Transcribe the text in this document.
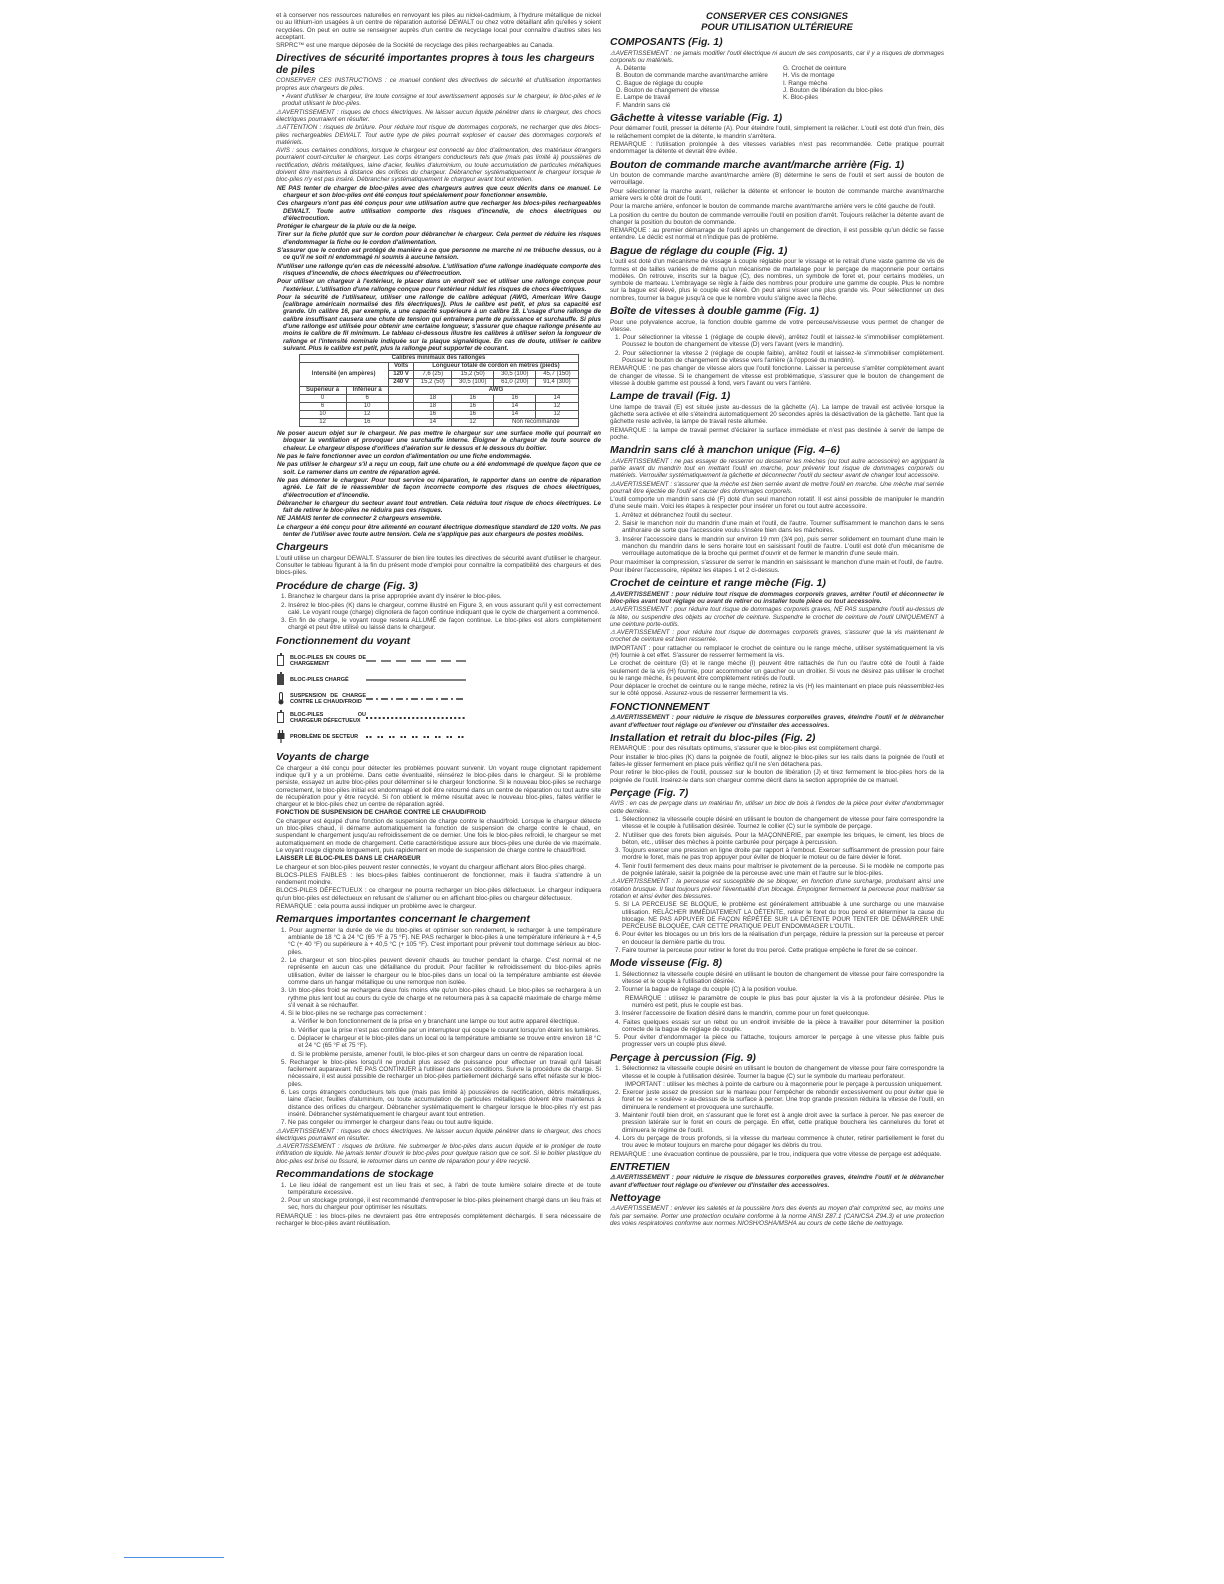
et à conserver nos ressources naturelles en renvoyant les piles au nickel-cadmium, à l'hydrure métallique de nickel ou au lithium-ion usagées à un centre de réparation autorisé DEWALT ou chez votre détaillant afin qu'elles y soient recyclées. On peut en outre se renseigner auprès d'un centre de recyclage local pour connaître d'autres sites les acceptant.

SRPRC™ est une marque déposée de la Société de recyclage des piles rechargeables au Canada.

Directives de sécurité importantes propres à tous les chargeurs de piles

CONSERVER CES INSTRUCTIONS : ce manuel contient des directives de sécurité et d'utilisation importantes propres aux chargeurs de piles.

• Avant d'utiliser le chargeur, lire toute consigne et tout avertissement apposés sur le chargeur, le bloc-piles et le produit utilisant le bloc-piles.

⚠AVERTISSEMENT : risques de chocs électriques. Ne laisser aucun liquide pénétrer dans le chargeur, des chocs électriques pourraient en résulter.

⚠ATTENTION : risques de brûlure. Pour réduire tout risque de dommages corporels, ne recharger que des blocs-piles rechargeables DEWALT. Tout autre type de piles pourrait exploser et causer des dommages corporels et matériels.

AVIS : sous certaines conditions, lorsque le chargeur est connecté au bloc d'alimentation, des matériaux étrangers pourraient court-circuiter le chargeur. Les corps étrangers conducteurs tels que (mais pas limité à) poussières de rectification, débris métalliques, laine d'acier, feuilles d'aluminium, ou toute accumulation de particules métalliques doivent être maintenus à distance des orifices du chargeur. Débrancher systématiquement le chargeur lorsque le bloc-piles n'y est pas inséré. Débrancher systématiquement le chargeur avant tout entretien.

NE PAS tenter de charger de bloc-piles avec des chargeurs autres que ceux décrits dans ce manuel. Le chargeur et son bloc-piles ont été conçus tout spécialement pour fonctionner ensemble.

Ces chargeurs n'ont pas été conçus pour une utilisation autre que recharger les blocs-piles rechargeables DEWALT. Toute autre utilisation comporte des risques d'incendie, de chocs électriques ou d'électrocution.

Protéger le chargeur de la pluie ou de la neige.

Tirer sur la fiche plutôt que sur le cordon pour débrancher le chargeur. Cela permet de réduire les risques d'endommager la fiche ou le cordon d'alimentation.

S'assurer que le cordon est protégé de manière à ce que personne ne marche ni ne trébuche dessus, ou à ce qu'il ne soit ni endommagé ni soumis à aucune tension.

N'utiliser une rallonge qu'en cas de nécessité absolue. L'utilisation d'une rallonge inadéquate comporte des risques d'incendie, de chocs électriques ou d'électrocution.

Pour utiliser un chargeur à l'extérieur, le placer dans un endroit sec et utiliser une rallonge conçue pour l'extérieur. L'utilisation d'une rallonge conçue pour l'extérieur réduit les risques de chocs électriques.

Pour la sécurité de l'utilisateur, utiliser une rallonge de calibre adéquat (AWG, American Wire Gauge [calibrage américain normalisé des fils électriques]). Plus le calibre est petit, et plus sa capacité est grande. Un calibre 16, par exemple, a une capacité supérieure à un calibre 18. L'usage d'une rallonge de calibre insuffisant causera une chute de tension qui entraînera perte de puissance et surchauffe. Si plus d'une rallonge est utilisée pour obtenir une certaine longueur, s'assurer que chaque rallonge présente au moins le calibre de fil minimum. Le tableau ci-dessous illustre les calibres à utiliser selon la longueur de rallonge et l'intensité nominale indiquée sur la plaque signalétique. En cas de doute, utiliser le calibre suivant. Plus le calibre est petit, plus la rallonge peut supporter de courant.

Calibres minimaux des rallonges						
Intensité (en ampères)		Volts	Longueur totale de cordon en mètres (pieds)			
		120 V	7,6 (25)	15,2 (50)	30,5 (100)	45,7 (150)
		240 V	15,2 (50)	30,5 (100)	61,0 (200)	91,4 (300)
Supérieur à	Inférieur à		AWG			
0	6		18	16	16	14
6	10		18	16	14	12
10	12		16	16	14	12
12	16		14	12	Non recommandé	

Ne poser aucun objet sur le chargeur. Ne pas mettre le chargeur sur une surface molle qui pourrait en bloquer la ventilation et provoquer une surchauffe interne. Éloigner le chargeur de toute source de chaleur. Le chargeur dispose d'orifices d'aération sur le dessus et le dessous du boîtier.

Ne pas le faire fonctionner avec un cordon d'alimentation ou une fiche endommagée.

Ne pas utiliser le chargeur s'il a reçu un coup, fait une chute ou a été endommagé de quelque façon que ce soit. Le ramener dans un centre de réparation agréé.

Ne pas démonter le chargeur. Pour tout service ou réparation, le rapporter dans un centre de réparation agréé. Le fait de le réassembler de façon incorrecte comporte des risques de chocs électriques, d'électrocution et d'incendie.

Débrancher le chargeur du secteur avant tout entretien. Cela réduira tout risque de chocs électriques. Le fait de retirer le bloc-piles ne réduira pas ces risques.

NE JAMAIS tenter de connecter 2 chargeurs ensemble.

Le chargeur a été conçu pour être alimenté en courant électrique domestique standard de 120 volts. Ne pas tenter de l'utiliser avec toute autre tension. Cela ne s'applique pas aux chargeurs de postes mobiles.

Chargeurs

L'outil utilise un chargeur DEWALT. S'assurer de bien lire toutes les directives de sécurité avant d'utiliser le chargeur. Consulter le tableau figurant à la fin du présent mode d'emploi pour connaître la compatibilité des chargeurs et des blocs-piles.

Procédure de charge (Fig. 3)

1. Branchez le chargeur dans la prise appropriée avant d'y insérer le bloc-piles.

2. Insérez le bloc-piles (K) dans le chargeur, comme illustré en Figure 3, en vous assurant qu'il y est correctement calé. Le voyant rouge (charge) clignotera de façon continue indiquant que le cycle de chargement a commencé.

3. En fin de charge, le voyant rouge restera ALLUMÉ de façon continue. Le bloc-piles est alors complètement chargé et peut être utilisé ou laissé dans le chargeur.

Fonctionnement du voyant
BLOC-PILES EN COURS DE CHARGEMENT
BLOC-PILES CHARGÉ
SUSPENSION DE CHARGE CONTRE LE CHAUD/FROID
BLOC-PILES OU CHARGEUR DÉFECTUEUX
PROBLÈME DE SECTEUR
Voyants de charge

Ce chargeur a été conçu pour détecter les problèmes pouvant survenir. Un voyant rouge clignotant rapidement indique qu'il y a un problème. Dans cette éventualité, réinsérez le bloc-piles dans le chargeur. Si le problème persiste, essayez un autre bloc-piles pour déterminer si le chargeur fonctionne. Si le nouveau bloc-piles se recharge correctement, le bloc-piles initial est endommagé et doit être retourné dans un centre de réparation ou tout autre site de récupération pour y être recyclé. Si l'on obtient le même résultat avec le nouveau bloc-piles, faites vérifier le chargeur et le bloc-piles chez un centre de réparation agréé.

FONCTION DE SUSPENSION DE CHARGE CONTRE LE CHAUD/FROID

Ce chargeur est équipé d'une fonction de suspension de charge contre le chaud/froid. Lorsque le chargeur détecte un bloc-piles chaud, il démarre automatiquement la fonction de suspension de charge contre le chaud, en suspendant le chargement jusqu'au refroidissement de ce dernier. Une fois le bloc-piles refroidi, le chargeur se met automatiquement en mode de chargement. Cette caractéristique assure aux blocs-piles une durée de vie maximale. Le voyant rouge clignote longuement, puis rapidement en mode de suspension de charge contre le chaud/froid.

LAISSER LE BLOC-PILES DANS LE CHARGEUR

Le chargeur et son bloc-piles peuvent rester connectés, le voyant du chargeur affichant alors Bloc-piles chargé.

BLOCS-PILES FAIBLES : les blocs-piles faibles continueront de fonctionner, mais il faudra s'attendre à un rendement moindre.

BLOCS-PILES DÉFECTUEUX : ce chargeur ne pourra recharger un bloc-piles défectueux. Le chargeur indiquera qu'un bloc-piles est défectueux en refusant de s'allumer ou en affichant bloc-piles ou chargeur défectueux.

REMARQUE : cela pourra aussi indiquer un problème avec le chargeur.

Remarques importantes concernant le chargement

1. Pour augmenter la durée de vie du bloc-piles et optimiser son rendement, le recharger à une température ambiante de 18 °C à 24 °C (65 °F à 75 °F). NE PAS recharger le bloc-piles à une température inférieure à + 4,5 °C (+ 40 °F) ou supérieure à + 40,5 °C (+ 105 °F). C'est important pour prévenir tout dommage sérieux au bloc-piles.

2. Le chargeur et son bloc-piles peuvent devenir chauds au toucher pendant la charge. C'est normal et ne représente en aucun cas une défaillance du produit. Pour faciliter le refroidissement du bloc-piles après utilisation, éviter de laisser le chargeur ou le bloc-piles dans un local où la température ambiante est élevée comme dans un hangar métallique ou une remorque non isolée.

3. Un bloc-piles froid se rechargera deux fois moins vite qu'un bloc-piles chaud. Le bloc-piles se rechargera à un rythme plus lent tout au cours du cycle de charge et ne retournera pas à sa capacité maximale de charge même s'il venait à se réchauffer.

4. Si le bloc-piles ne se recharge pas correctement :

a. Vérifier le bon fonctionnement de la prise en y branchant une lampe ou tout autre appareil électrique.

b. Vérifier que la prise n'est pas contrôlée par un interrupteur qui coupe le courant lorsqu'on éteint les lumières.

c. Déplacer le chargeur et le bloc-piles dans un local où la température ambiante se trouve entre environ 18 °C et 24 °C (65 °F et 75 °F).

d. Si le problème persiste, amener l'outil, le bloc-piles et son chargeur dans un centre de réparation local.

5. Recharger le bloc-piles lorsqu'il ne produit plus assez de puissance pour effectuer un travail qu'il faisait facilement auparavant. NE PAS CONTINUER à l'utiliser dans ces conditions. Suivre la procédure de charge. Si nécessaire, il est aussi possible de recharger un bloc-piles partiellement déchargé sans effet néfaste sur le bloc-piles.

6. Les corps étrangers conducteurs tels que (mais pas limité à) poussières de rectification, débris métalliques, laine d'acier, feuilles d'aluminium, ou toute accumulation de particules métalliques doivent être maintenus à distance des orifices du chargeur. Débrancher systématiquement le chargeur lorsque le bloc-piles n'y est pas inséré. Débrancher systématiquement le chargeur avant tout entretien.

7. Ne pas congeler ou immerger le chargeur dans l'eau ou tout autre liquide.

⚠AVERTISSEMENT : risques de chocs électriques. Ne laisser aucun liquide pénétrer dans le chargeur, des chocs électriques pourraient en résulter.

⚠AVERTISSEMENT : risques de brûlure. Ne submerger le bloc-piles dans aucun liquide et le protéger de toute infiltration de liquide. Ne jamais tenter d'ouvrir le bloc-piles pour quelque raison que ce soit. Si le boîtier plastique du bloc-piles est brisé ou fissuré, le retourner dans un centre de réparation pour y être recyclé.

Recommandations de stockage

1. Le lieu idéal de rangement est un lieu frais et sec, à l'abri de toute lumière solaire directe et de toute température excessive.

2. Pour un stockage prolongé, il est recommandé d'entreposer le bloc-piles pleinement chargé dans un lieu frais et sec, hors du chargeur pour optimiser les résultats.

REMARQUE : les blocs-piles ne devraient pas être entreposés complètement déchargés. Il sera nécessaire de recharger le bloc-piles avant réutilisation.

CONSERVER CES CONSIGNES
POUR UTILISATION ULTÉRIEURE
COMPOSANTS (Fig. 1)

⚠AVERTISSEMENT : ne jamais modifier l'outil électrique ni aucun de ses composants, car il y a risques de dommages corporels ou matériels.

A. Détente	G. Crochet de ceinture
B. Bouton de commande marche avant/marche arrière	H. Vis de montage
C. Bague de réglage du couple	I. Range mèche
D. Bouton de changement de vitesse	J. Bouton de libération du bloc-piles
E. Lampe de travail	K. Bloc-piles
F. Mandrin sans clé
Gâchette à vitesse variable (Fig. 1)

Pour démarrer l'outil, presser la détente (A). Pour éteindre l'outil, simplement la relâcher. L'outil est doté d'un frein, dès le relâchement complet de la détente, le mandrin s'arrêtera.

REMARQUE : l'utilisation prolongée à des vitesses variables n'est pas recommandée. Cette pratique pourrait endommager la détente et devrait être évitée.

Bouton de commande marche avant/marche arrière (Fig. 1)

Un bouton de commande marche avant/marche arrière (B) détermine le sens de l'outil et sert aussi de bouton de verrouillage.

Pour sélectionner la marche avant, relâcher la détente et enfoncer le bouton de commande marche avant/marche arrière vers le côté droit de l'outil.

Pour la marche arrière, enfoncer le bouton de commande marche avant/marche arrière vers le côté gauche de l'outil.

La position du centre du bouton de commande verrouille l'outil en position d'arrêt. Toujours relâcher la détente avant de changer la position du bouton de commande.

REMARQUE : au premier démarrage de l'outil après un changement de direction, il est possible qu'un déclic se fasse entendre. Le déclic est normal et n'indique pas de problème.

Bague de réglage du couple (Fig. 1)

L'outil est doté d'un mécanisme de vissage à couple réglable pour le vissage et le retrait d'une vaste gamme de vis de formes et de tailles variées de même qu'un mécanisme de martelage pour le perçage de maçonnerie pour certains modèles. On retrouve, inscrits sur la bague (C), des nombres, un symbole de foret et, pour certains modèles, un symbole de marteau. L'embrayage se règle à l'aide des nombres pour produire une gamme de couple. Plus le nombre sur la bague est élevé, plus le couple est élevé. On peut ainsi visser une plus grande vis. Pour sélectionner un des nombres, tourner la bague jusqu'à ce que le nombre voulu s'aligne avec la flèche.

Boîte de vitesses à double gamme (Fig. 1)

Pour une polyvalence accrue, la fonction double gamme de votre perceuse/visseuse vous permet de changer de vitesse.

1. Pour sélectionner la vitesse 1 (réglage de couple élevé), arrêtez l'outil et laissez-le s'immobiliser complètement. Poussez le bouton de changement de vitesse (D) vers l'avant (vers le mandrin).

2. Pour sélectionner la vitesse 2 (réglage de couple faible), arrêtez l'outil et laissez-le s'immobiliser complètement. Poussez le bouton de changement de vitesse vers l'arrière (à l'opposé du mandrin).

REMARQUE : ne pas changer de vitesse alors que l'outil fonctionne. Laisser la perceuse s'arrêter complètement avant de changer de vitesse. Si le changement de vitesse est problématique, s'assurer que le bouton de changement de vitesse à double gamme est poussé à fond, vers l'avant ou vers l'arrière.

Lampe de travail (Fig. 1)

Une lampe de travail (E) est située juste au-dessus de la gâchette (A). La lampe de travail est activée lorsque la gâchette sera activée et elle s'éteindra automatiquement 20 secondes après la désactivation de la gâchette. Tant que la gâchette reste activée, la lampe de travail reste allumée.

REMARQUE : la lampe de travail permet d'éclairer la surface immédiate et n'est pas destinée à servir de lampe de poche.

Mandrin sans clé à manchon unique (Fig. 4–6)

⚠AVERTISSEMENT : ne pas essayer de resserrer ou desserrer les mèches (ou tout autre accessoire) en agrippant la partie avant du mandrin tout en mettant l'outil en marche, pour prévenir tout risque de dommages corporels ou matériels. Verrouiller systématiquement la gâchette et déconnecter l'outil du secteur avant de changer tout accessoire.

⚠AVERTISSEMENT : s'assurer que la mèche est bien serrée avant de mettre l'outil en marche. Une mèche mal serrée pourrait être éjectée de l'outil et causer des dommages corporels.

L'outil comporte un mandrin sans clé (F) doté d'un seul manchon rotatif. Il est ainsi possible de manipuler le mandrin d'une seule main. Voici les étapes à respecter pour insérer un foret ou tout autre accessoire.

1. Arrêtez et débranchez l'outil du secteur.

2. Saisir le manchon noir du mandrin d'une main et l'outil, de l'autre. Tourner suffisamment le manchon dans le sens antihoraire de sorte que l'accessoire voulu s'insère bien dans les mâchoires.

3. Insérer l'accessoire dans le mandrin sur environ 19 mm (3/4 po), puis serrer solidement en tournant d'une main le manchon du mandrin dans le sens horaire tout en saisissant l'outil de l'autre. L'outil est doté d'un mécanisme de verrouillage automatique de la broche qui permet d'ouvrir et de fermer le mandrin d'une seule main.

Pour maximiser la compression, s'assurer de serrer le mandrin en saisissant le manchon d'une main et l'outil, de l'autre.

Pour libérer l'accessoire, répétez les étapes 1 et 2 ci-dessus.

Crochet de ceinture et range mèche (Fig. 1)

⚠AVERTISSEMENT : pour réduire tout risque de dommages corporels graves, arrêter l'outil et déconnecter le bloc-piles avant tout réglage ou avant de retirer ou installer toute pièce ou tout accessoire.

⚠AVERTISSEMENT : pour réduire tout risque de dommages corporels graves, NE PAS suspendre l'outil au-dessus de la tête, ou suspendre des objets au crochet de ceinture. Suspendre le crochet de ceinture de l'outil UNIQUEMENT à une ceinture porte-outils.

⚠AVERTISSEMENT : pour réduire tout risque de dommages corporels graves, s'assurer que la vis maintenant le crochet de ceinture est bien resserrée.

IMPORTANT : pour rattacher ou remplacer le crochet de ceinture ou le range mèche, utiliser systématiquement la vis (H) fournie à cet effet. S'assurer de resserrer fermement la vis.

Le crochet de ceinture (G) et le range mèche (I) peuvent être rattachés de l'un ou l'autre côté de l'outil à l'aide seulement de la vis (H) fournie, pour accommoder un gaucher ou un droitier. Si vous ne désirez pas utiliser le crochet ou le range mèche, ils peuvent être complètement retirés de l'outil.

Pour déplacer le crochet de ceinture ou le range mèche, retirez la vis (H) les maintenant en place puis réassemblez-les sur le côté opposé. Assurez-vous de resserrer fermement la vis.

FONCTIONNEMENT

⚠AVERTISSEMENT : pour réduire le risque de blessures corporelles graves, éteindre l'outil et le débrancher avant d'effectuer tout réglage ou d'enlever ou d'installer des accessoires.

Installation et retrait du bloc-piles (Fig. 2)

REMARQUE : pour des résultats optimums, s'assurer que le bloc-piles est complètement chargé.

Pour installer le bloc-piles (K) dans la poignée de l'outil, alignez le bloc-piles sur les rails dans la poignée de l'outil et faites-le glisser fermement en place puis vérifiez qu'il ne s'en détachera pas.

Pour retirer le bloc-piles de l'outil, poussez sur le bouton de libération (J) et tirez fermement le bloc-piles hors de la poignée de l'outil. Insérez-le dans son chargeur comme décrit dans la section appropriée de ce manuel.

Perçage (Fig. 7)

AVIS : en cas de perçage dans un matériau fin, utiliser un bloc de bois à l'endos de la pièce pour éviter d'endommager cette dernière.

1. Sélectionnez la vitesse/le couple désiré en utilisant le bouton de changement de vitesse pour faire correspondre la vitesse et le couple à l'utilisation désirée. Tournez le collier (C) sur le symbole de perçage.

2. N'utiliser que des forets bien aiguisés. Pour la MAÇONNERIE, par exemple les briques, le ciment, les blocs de béton, etc., utiliser des mèches à pointe carburée pour perçage à percussion.

3. Toujours exercer une pression en ligne droite par rapport à l'embout. Exercer suffisamment de pression pour faire mordre le foret, mais ne pas trop appuyer pour éviter de bloquer le moteur ou de faire dévier le foret.

4. Tenir l'outil fermement des deux mains pour maîtriser le pivotement de la perceuse. Si le modèle ne comporte pas de poignée latérale, saisir la poignée de la perceuse avec une main et l'autre sur le bloc-piles.

⚠AVERTISSEMENT : la perceuse est susceptible de se bloquer, en fonction d'une surcharge, produisant ainsi une rotation brusque. Il faut toujours prévoir l'éventualité d'un blocage. Empoigner fermement la perceuse pour maîtriser sa rotation et ainsi éviter des blessures.

5. SI LA PERCEUSE SE BLOQUE, le problème est généralement attribuable à une surcharge ou une mauvaise utilisation. RELÂCHER IMMÉDIATEMENT LA DÉTENTE, retirer le foret du trou percé et déterminer la cause du blocage. NE PAS APPUYER DE FAÇON RÉPÉTÉE SUR LA DÉTENTE POUR TENTER DE DÉMARRER UNE PERCEUSE BLOQUÉE, CAR CETTE PRATIQUE PEUT ENDOMMAGER L'OUTIL.

6. Pour éviter les blocages ou un bris lors de la réalisation d'un perçage, réduire la pression sur la perceuse et percer en douceur la dernière partie du trou.

7. Faire tourner la perceuse pour retirer le foret du trou percé. Cette pratique empêche le foret de se coincer.

Mode visseuse (Fig. 8)

1. Sélectionnez la vitesse/le couple désiré en utilisant le bouton de changement de vitesse pour faire correspondre la vitesse et le couple à l'utilisation désirée.

2. Tourner la bague de réglage du couple (C) à la position voulue.

REMARQUE : utilisez le paramètre de couple le plus bas pour ajuster la vis à la profondeur désirée. Plus le numéro est petit, plus le couple est bas.

3. Insérer l'accessoire de fixation désiré dans le mandrin, comme pour un foret quelconque.

4. Faites quelques essais sur un rebut ou un endroit invisible de la pièce à travailler pour déterminer la position correcte de la bague de réglage de couple.

5. Pour éviter d'endommager la pièce ou l'attache, toujours amorcer le perçage à une vitesse plus faible puis progresser vers un couple plus élevé.

Perçage à percussion (Fig. 9)

1. Sélectionnez la vitesse/le couple désiré en utilisant le bouton de changement de vitesse pour faire correspondre la vitesse et le couple à l'utilisation désirée. Tourner la bague (C) sur le symbole du marteau perforateur.

IMPORTANT : utiliser les mèches à pointe de carbure ou à maçonnerie pour le perçage à percussion uniquement.

2. Exercer juste assez de pression sur le marteau pour l'empêcher de rebondir excessivement ou pour éviter que le foret ne se « soulève » au-dessus de la surface à percer. Une trop grande pression réduira la vitesse de l'outil, en diminuera le rendement et provoquera une surchauffe.

3. Maintenir l'outil bien droit, en s'assurant que le foret est à angle droit avec la surface à percer. Ne pas exercer de pression latérale sur le foret en cours de perçage. En effet, cette pratique bouchera les cannelures du foret et diminuera le régime de l'outil.

4. Lors du perçage de trous profonds, si la vitesse du marteau commence à chuter, retirer partiellement le foret du trou avec le moteur toujours en marche pour dégager les débris du trou.

REMARQUE : une évacuation continue de poussière, par le trou, indiquera que votre vitesse de perçage est adéquate.

ENTRETIEN

⚠AVERTISSEMENT : pour réduire le risque de blessures corporelles graves, éteindre l'outil et le débrancher avant d'effectuer tout réglage ou d'enlever ou d'installer des accessoires.

Nettoyage

⚠AVERTISSEMENT : enlever les saletés et la poussière hors des évents au moyen d'air comprimé sec, au moins une fois par semaine. Porter une protection oculaire conforme à la norme ANSI Z87.1 (CAN/CSA Z94.3) et une protection des voies respiratoires conforme aux normes NIOSH/OSHA/MSHA au cours de cette tâche de nettoyage.
